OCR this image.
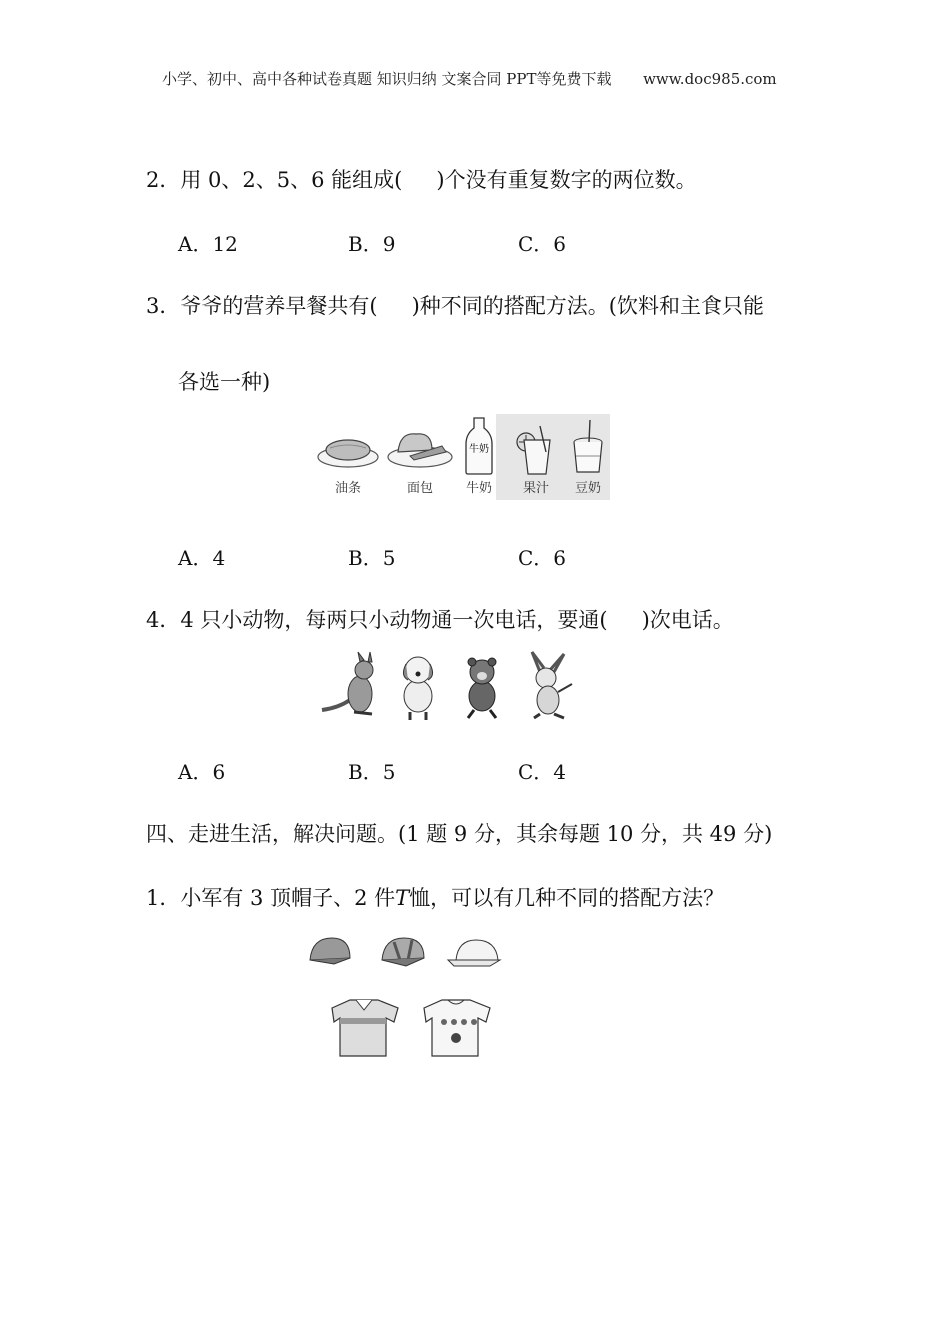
小学、初中、高中各种试卷真题 知识归纳 文案合同 PPT等免费下载 www.doc985.com
2．用 0、2、5、6 能组成( )个没有重复数字的两位数。
A．12	B．9	C．6
3．爷爷的营养早餐共有( )种不同的搭配方法。(饮料和主食只能
各选一种)
牛奶
油条	面包	牛奶 果汁 豆奶
A．4	B．5	C．6
4．4 只小动物，每两只小动物通一次电话，要通( )次电话。
A．6	B．5	C．4
四、走进生活，解决问题。(1 题 9 分，其余每题 10 分，共 49 分)
1．小军有 3 顶帽子、2 件T恤，可以有几种不同的搭配方法？
